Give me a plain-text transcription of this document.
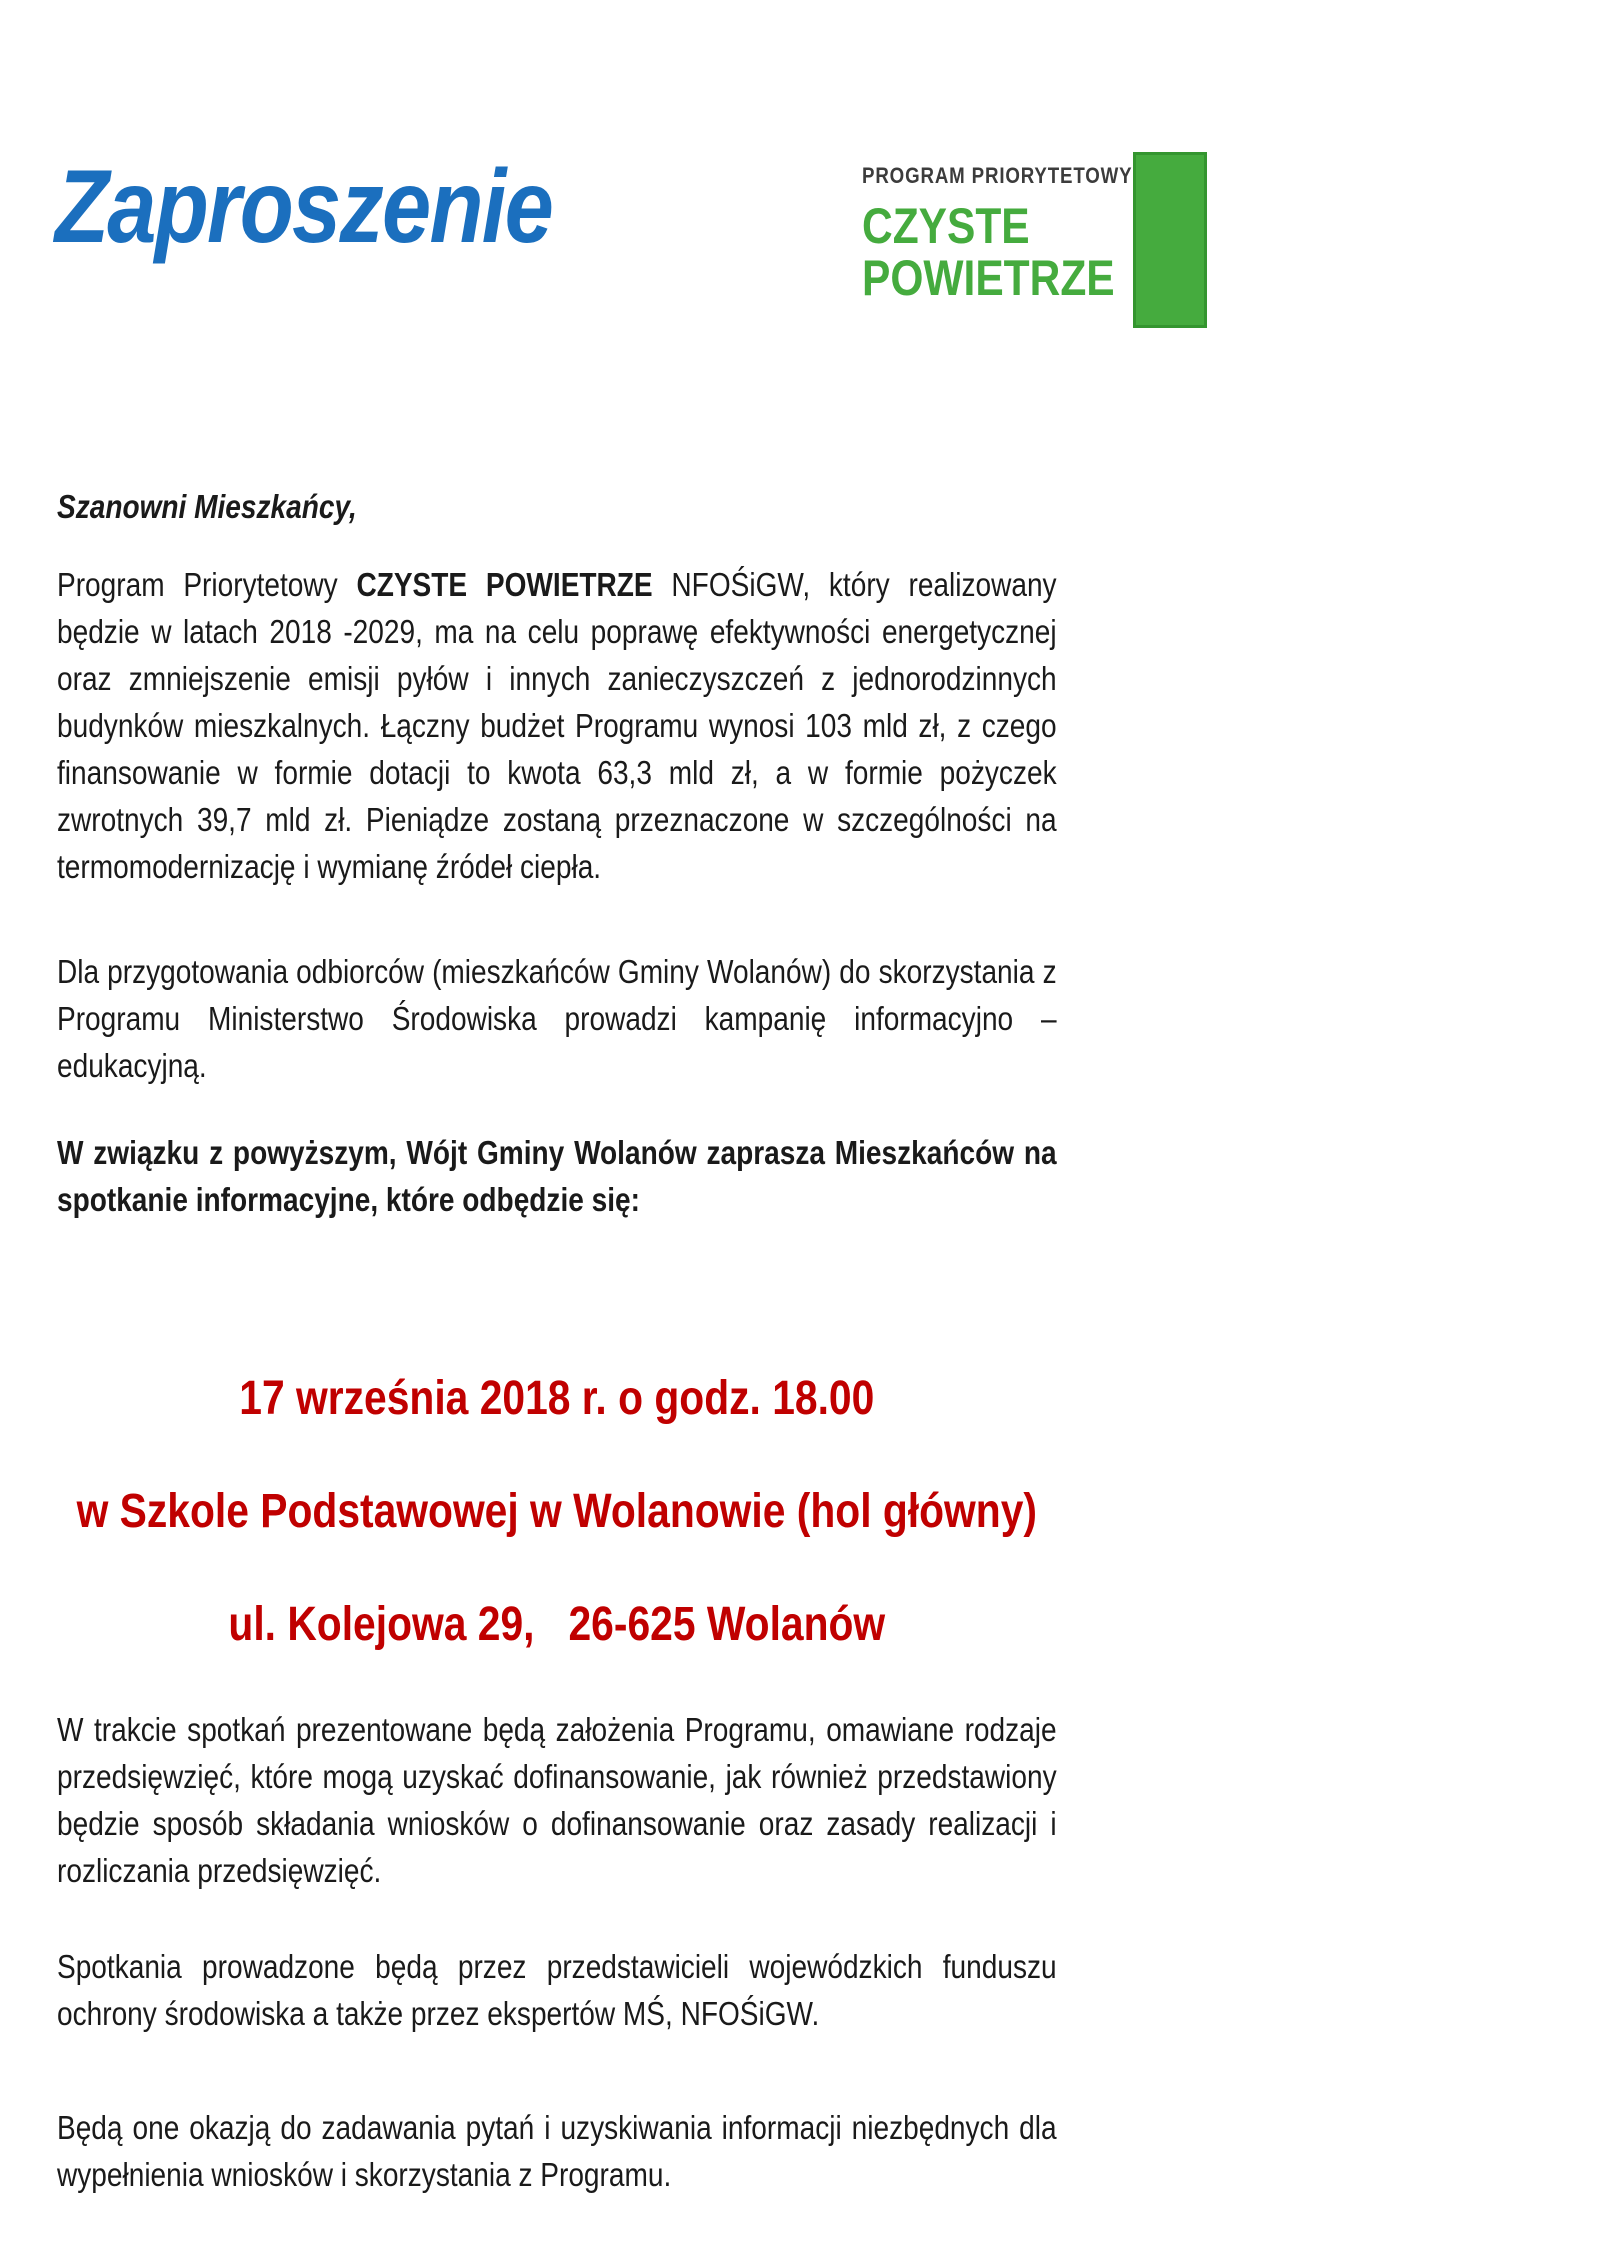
Zaproszenie	PROGRAM PRIORYTETOWY
CZYSTE
POWIETRZE

Szanowni Mieszkańcy,

Program Priorytetowy CZYSTE POWIETRZE NFOŚiGW, który realizowany będzie w latach 2018 -2029, ma na celu poprawę efektywności energetycznej oraz zmniejszenie emisji pyłów i innych zanieczyszczeń z jednorodzinnych budynków mieszkalnych. Łączny budżet Programu wynosi 103 mld zł, z czego finansowanie w formie dotacji to kwota 63,3 mld zł, a w formie pożyczek zwrotnych 39,7 mld zł. Pieniądze zostaną przeznaczone w szczególności na termomodernizację i wymianę źródeł ciepła.

Dla przygotowania odbiorców (mieszkańców Gminy Wolanów) do skorzystania z Programu Ministerstwo Środowiska prowadzi kampanię informacyjno – edukacyjną.

W związku z powyższym, Wójt Gminy Wolanów zaprasza Mieszkańców na spotkanie informacyjne, które odbędzie się:

17 września 2018 r. o godz. 18.00

w Szkole Podstawowej w Wolanowie (hol główny)

ul. Kolejowa 29,   26-625 Wolanów

W trakcie spotkań prezentowane będą założenia Programu, omawiane rodzaje przedsięwzięć, które mogą uzyskać dofinansowanie, jak również przedstawiony będzie sposób składania wniosków o dofinansowanie oraz zasady realizacji i rozliczania przedsięwzięć.

Spotkania prowadzone będą przez przedstawicieli wojewódzkich funduszu ochrony środowiska a także przez ekspertów MŚ, NFOŚiGW.

Będą one okazją do zadawania pytań i uzyskiwania informacji niezbędnych dla wypełnienia wniosków i skorzystania z Programu.
